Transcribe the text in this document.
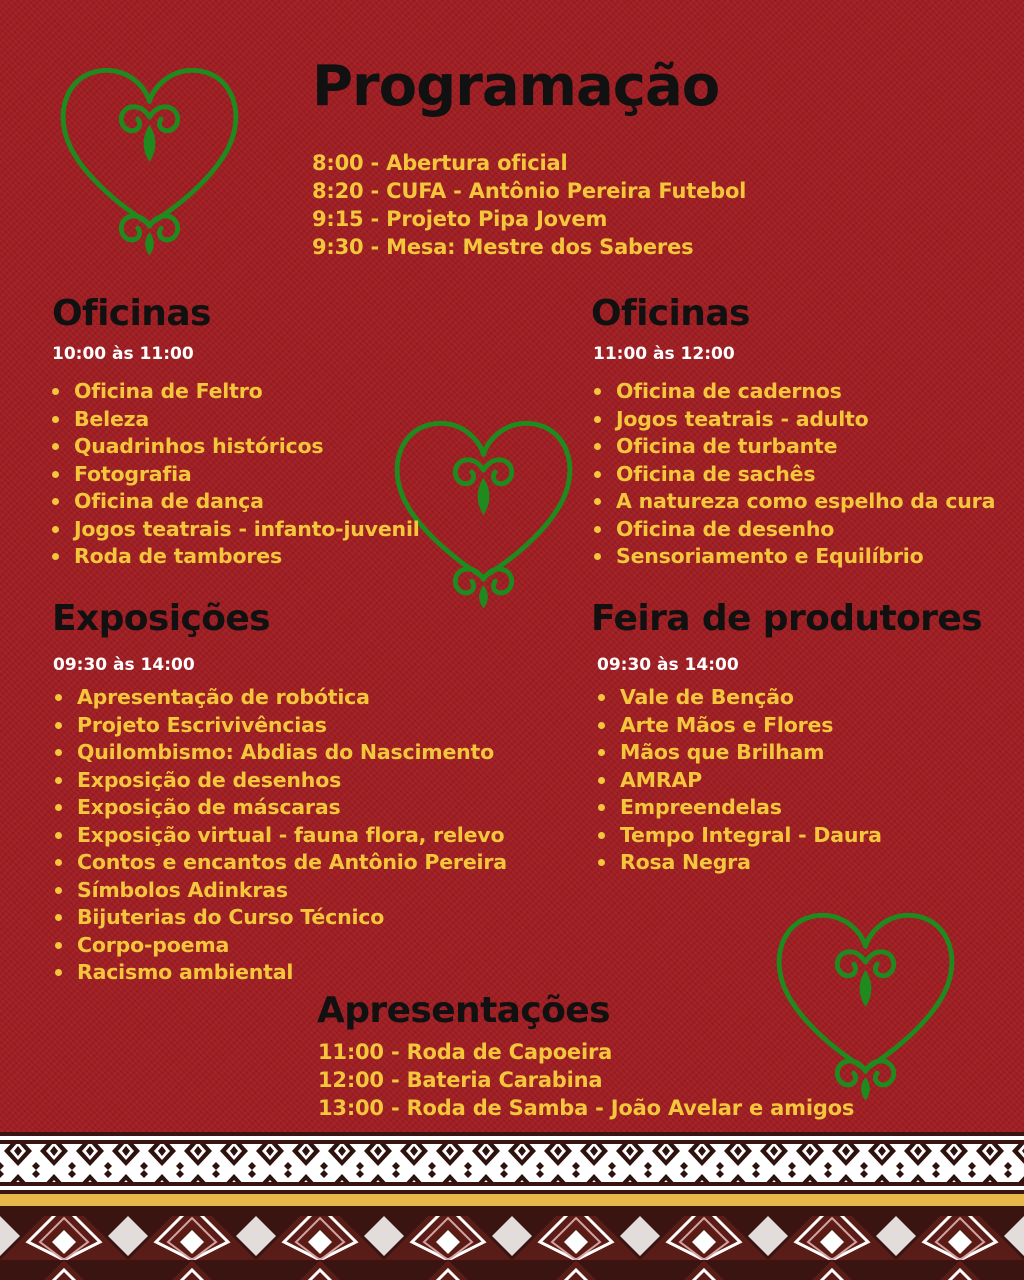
Programação
8:00 - Abertura oficial
8:20 - CUFA - Antônio Pereira Futebol
9:15 - Projeto Pipa Jovem
9:30 - Mesa: Mestre dos Saberes
Oficinas
10:00 às 11:00
Oficina de Feltro
Beleza
Quadrinhos históricos
Fotografia
Oficina de dança
Jogos teatrais - infanto-juvenil
Roda de tambores
Oficinas
11:00 às 12:00
Oficina de cadernos
Jogos teatrais - adulto
Oficina de turbante
Oficina de sachês
A natureza como espelho da cura
Oficina de desenho
Sensoriamento e Equilíbrio
Exposições
09:30 às 14:00
Apresentação de robótica
Projeto Escrivivências
Quilombismo: Abdias do Nascimento
Exposição de desenhos
Exposição de máscaras
Exposição virtual - fauna flora, relevo
Contos e encantos de Antônio Pereira
Símbolos Adinkras
Bijuterias do Curso Técnico
Corpo-poema
Racismo ambiental
Feira de produtores
09:30 às 14:00
Vale de Benção
Arte Mãos e Flores
Mãos que Brilham
AMRAP
Empreendelas
Tempo Integral - Daura
Rosa Negra
Apresentações
11:00 - Roda de Capoeira
12:00 - Bateria Carabina
13:00 - Roda de Samba - João Avelar e amigos
